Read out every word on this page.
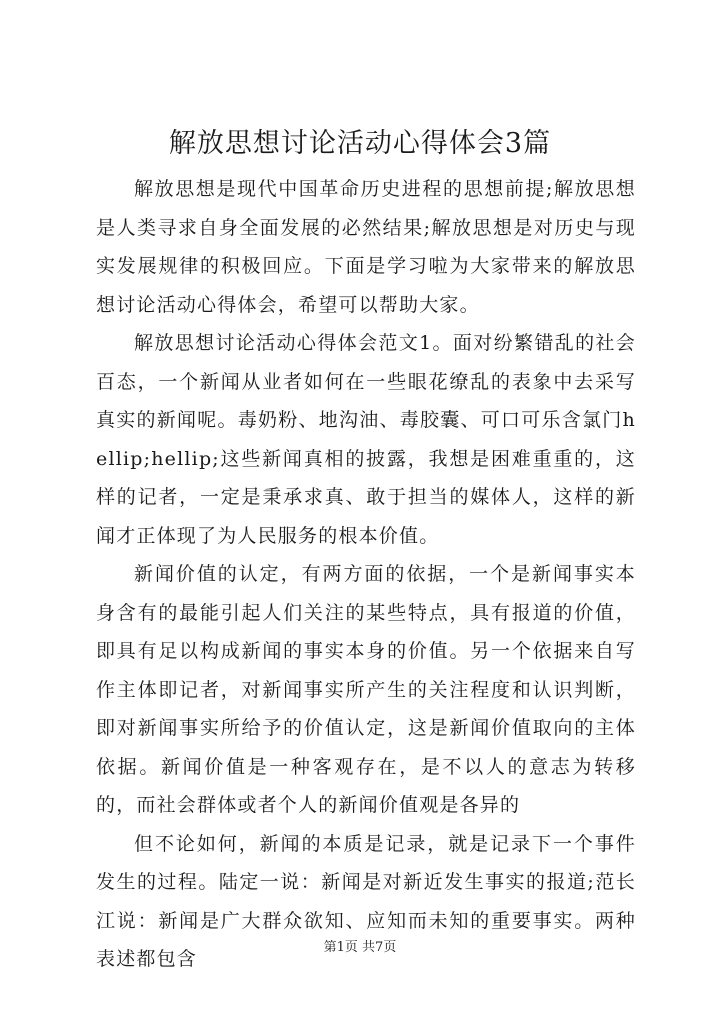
解放思想讨论活动心得体会3篇

解放思想是现代中国革命历史进程的思想前提;解放思想是人类寻求自身全面发展的必然结果;解放思想是对历史与现实发展规律的积极回应。下面是学习啦为大家带来的解放思想讨论活动心得体会，希望可以帮助大家。

解放思想讨论活动心得体会范文1。面对纷繁错乱的社会百态，一个新闻从业者如何在一些眼花缭乱的表象中去采写真实的新闻呢。毒奶粉、地沟油、毒胶囊、可口可乐含氯门hellip;hellip;这些新闻真相的披露，我想是困难重重的，这样的记者，一定是秉承求真、敢于担当的媒体人，这样的新闻才正体现了为人民服务的根本价值。

新闻价值的认定，有两方面的依据，一个是新闻事实本身含有的最能引起人们关注的某些特点，具有报道的价值，即具有足以构成新闻的事实本身的价值。另一个依据来自写作主体即记者，对新闻事实所产生的关注程度和认识判断，即对新闻事实所给予的价值认定，这是新闻价值取向的主体依据。新闻价值是一种客观存在，是不以人的意志为转移的，而社会群体或者个人的新闻价值观是各异的

但不论如何，新闻的本质是记录，就是记录下一个事件发生的过程。陆定一说：新闻是对新近发生事实的报道;范长江说：新闻是广大群众欲知、应知而未知的重要事实。两种表述都包含

第1页 共7页
